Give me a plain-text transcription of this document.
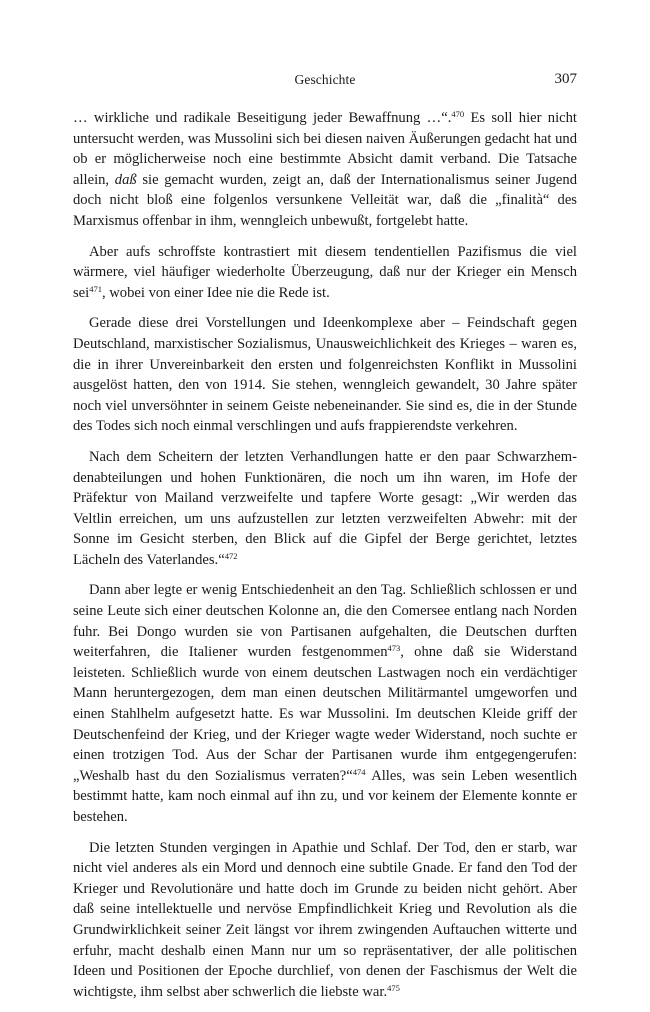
Geschichte	307

… wirkliche und radikale Beseitigung jeder Bewaffnung …“.$^{470}$ Es soll hier nicht untersucht werden, was Mussolini sich bei diesen naiven Äußerungen gedacht hat und ob er möglicherweise noch eine bestimmte Absicht damit verband. Die Tatsache allein, daß sie gemacht wurden, zeigt an, daß der Internationalismus seiner Jugend doch nicht bloß eine folgenlos versunkene Velleität war, daß die „finalità“ des Marxismus offenbar in ihm, wenngleich unbewußt, fortgelebt hatte.

Aber aufs schroffste kontrastiert mit diesem tendentiellen Pazifismus die viel wärmere, viel häufiger wiederholte Überzeugung, daß nur der Krieger ein Mensch sei$^{471}$, wobei von einer Idee nie die Rede ist.

Gerade diese drei Vorstellungen und Ideenkomplexe aber – Feindschaft gegen Deutschland, marxistischer Sozialismus, Unausweichlichkeit des Krieges – waren es, die in ihrer Unvereinbarkeit den ersten und folgenreichsten Konflikt in Mussolini ausgelöst hatten, den von 1914. Sie stehen, wenngleich gewandelt, 30 Jahre später noch viel unversöhnter in seinem Geiste nebeneinander. Sie sind es, die in der Stunde des Todes sich noch einmal verschlingen und aufs frappierendste verkehren.

Nach dem Scheitern der letzten Verhandlungen hatte er den paar Schwarzhemdenabteilungen und hohen Funktionären, die noch um ihn waren, im Hofe der Präfektur von Mailand verzweifelte und tapfere Worte gesagt: „Wir werden das Veltlin erreichen, um uns aufzustellen zur letzten verzweifelten Abwehr: mit der Sonne im Gesicht sterben, den Blick auf die Gipfel der Berge gerichtet, letztes Lächeln des Vaterlandes.“$^{472}$

Dann aber legte er wenig Entschiedenheit an den Tag. Schließlich schlossen er und seine Leute sich einer deutschen Kolonne an, die den Comersee entlang nach Norden fuhr. Bei Dongo wurden sie von Partisanen aufgehalten, die Deutschen durften weiterfahren, die Italiener wurden festgenommen$^{473}$, ohne daß sie Widerstand leisteten. Schließlich wurde von einem deutschen Lastwagen noch ein verdächtiger Mann heruntergezogen, dem man einen deutschen Militärmantel umgeworfen und einen Stahlhelm aufgesetzt hatte. Es war Mussolini. Im deutschen Kleide griff der Deutschenfeind der Krieg, und der Krieger wagte weder Widerstand, noch suchte er einen trotzigen Tod. Aus der Schar der Partisanen wurde ihm entgegengerufen: „Weshalb hast du den Sozialismus verraten?“$^{474}$ Alles, was sein Leben wesentlich bestimmt hatte, kam noch einmal auf ihn zu, und vor keinem der Elemente konnte er bestehen.

Die letzten Stunden vergingen in Apathie und Schlaf. Der Tod, den er starb, war nicht viel anderes als ein Mord und dennoch eine subtile Gnade. Er fand den Tod der Krieger und Revolutionäre und hatte doch im Grunde zu beiden nicht gehört. Aber daß seine intellektuelle und nervöse Empfindlichkeit Krieg und Revolution als die Grundwirklichkeit seiner Zeit längst vor ihrem zwingenden Auftauchen witterte und erfuhr, macht deshalb einen Mann nur um so repräsentativer, der alle politischen Ideen und Positionen der Epoche durchlief, von denen der Faschismus der Welt die wichtigste, ihm selbst aber schwerlich die liebste war.$^{475}$
